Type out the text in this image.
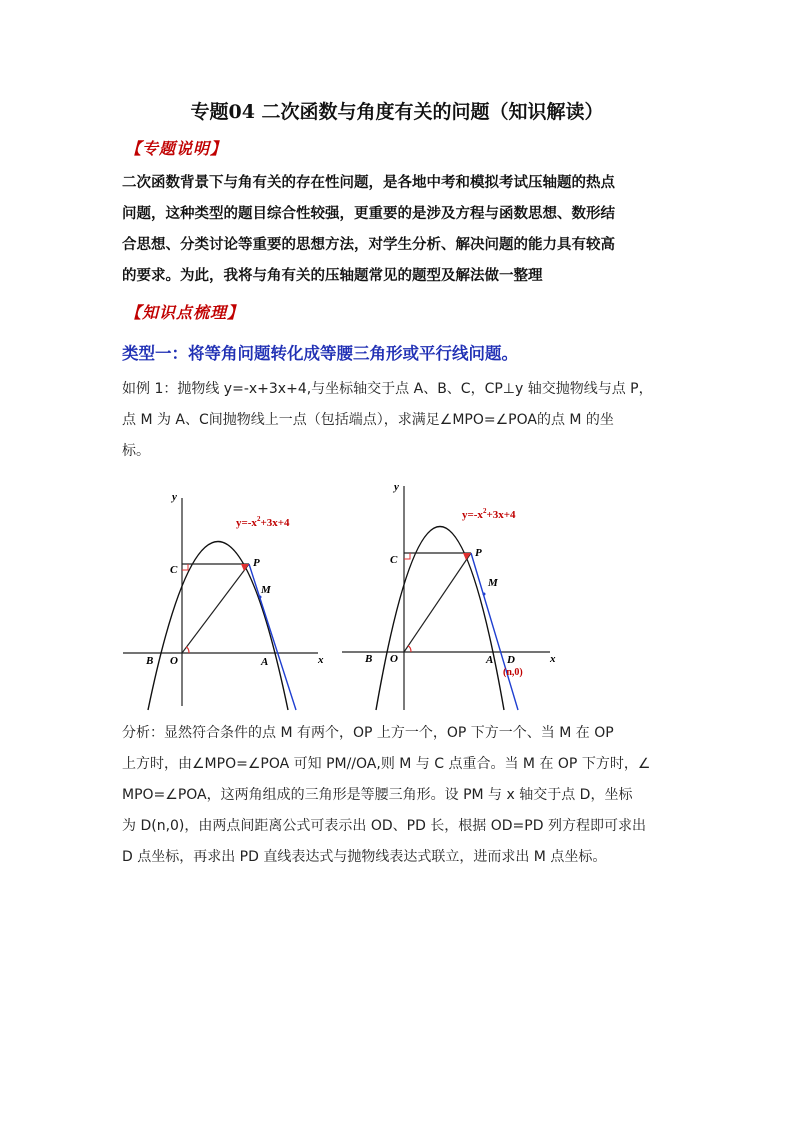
专题04 二次函数与角度有关的问题（知识解读）
【专题说明】
二次函数背景下与角有关的存在性问题，是各地中考和模拟考试压轴题的热点
问题，这种类型的题目综合性较强，更重要的是涉及方程与函数思想、数形结
合思想、分类讨论等重要的思想方法，对学生分析、解决问题的能力具有较高
的要求。为此，我将与角有关的压轴题常见的题型及解法做一整理
【知识点梳理】
类型一：将等角问题转化成等腰三角形或平行线问题。
如例 1：抛物线 y=-x+3x+4,与坐标轴交于点 A、B、C，CP⊥y 轴交抛物线与点 P，
点 M 为 A、C间抛物线上一点（包括端点），求满足∠MPO=∠POA的点 M 的坐
标。
$y=-x^2+3x+4$
y
x
C
P
M
O
B	A
$y=-x^2+3x+4$
y
x
C
P
M
O
B	A D
(n,0)
分析：显然符合条件的点 M 有两个，OP 上方一个，OP 下方一个、当 M 在 OP
上方时，由∠MPO=∠POA 可知 PM//OA,则 M 与 C 点重合。当 M 在 OP 下方时，∠
MPO=∠POA，这两角组成的三角形是等腰三角形。设 PM 与 x 轴交于点 D，坐标
为 D(n,0)，由两点间距离公式可表示出 OD、PD 长，根据 OD=PD 列方程即可求出
D 点坐标，再求出 PD 直线表达式与抛物线表达式联立，进而求出 M 点坐标。
